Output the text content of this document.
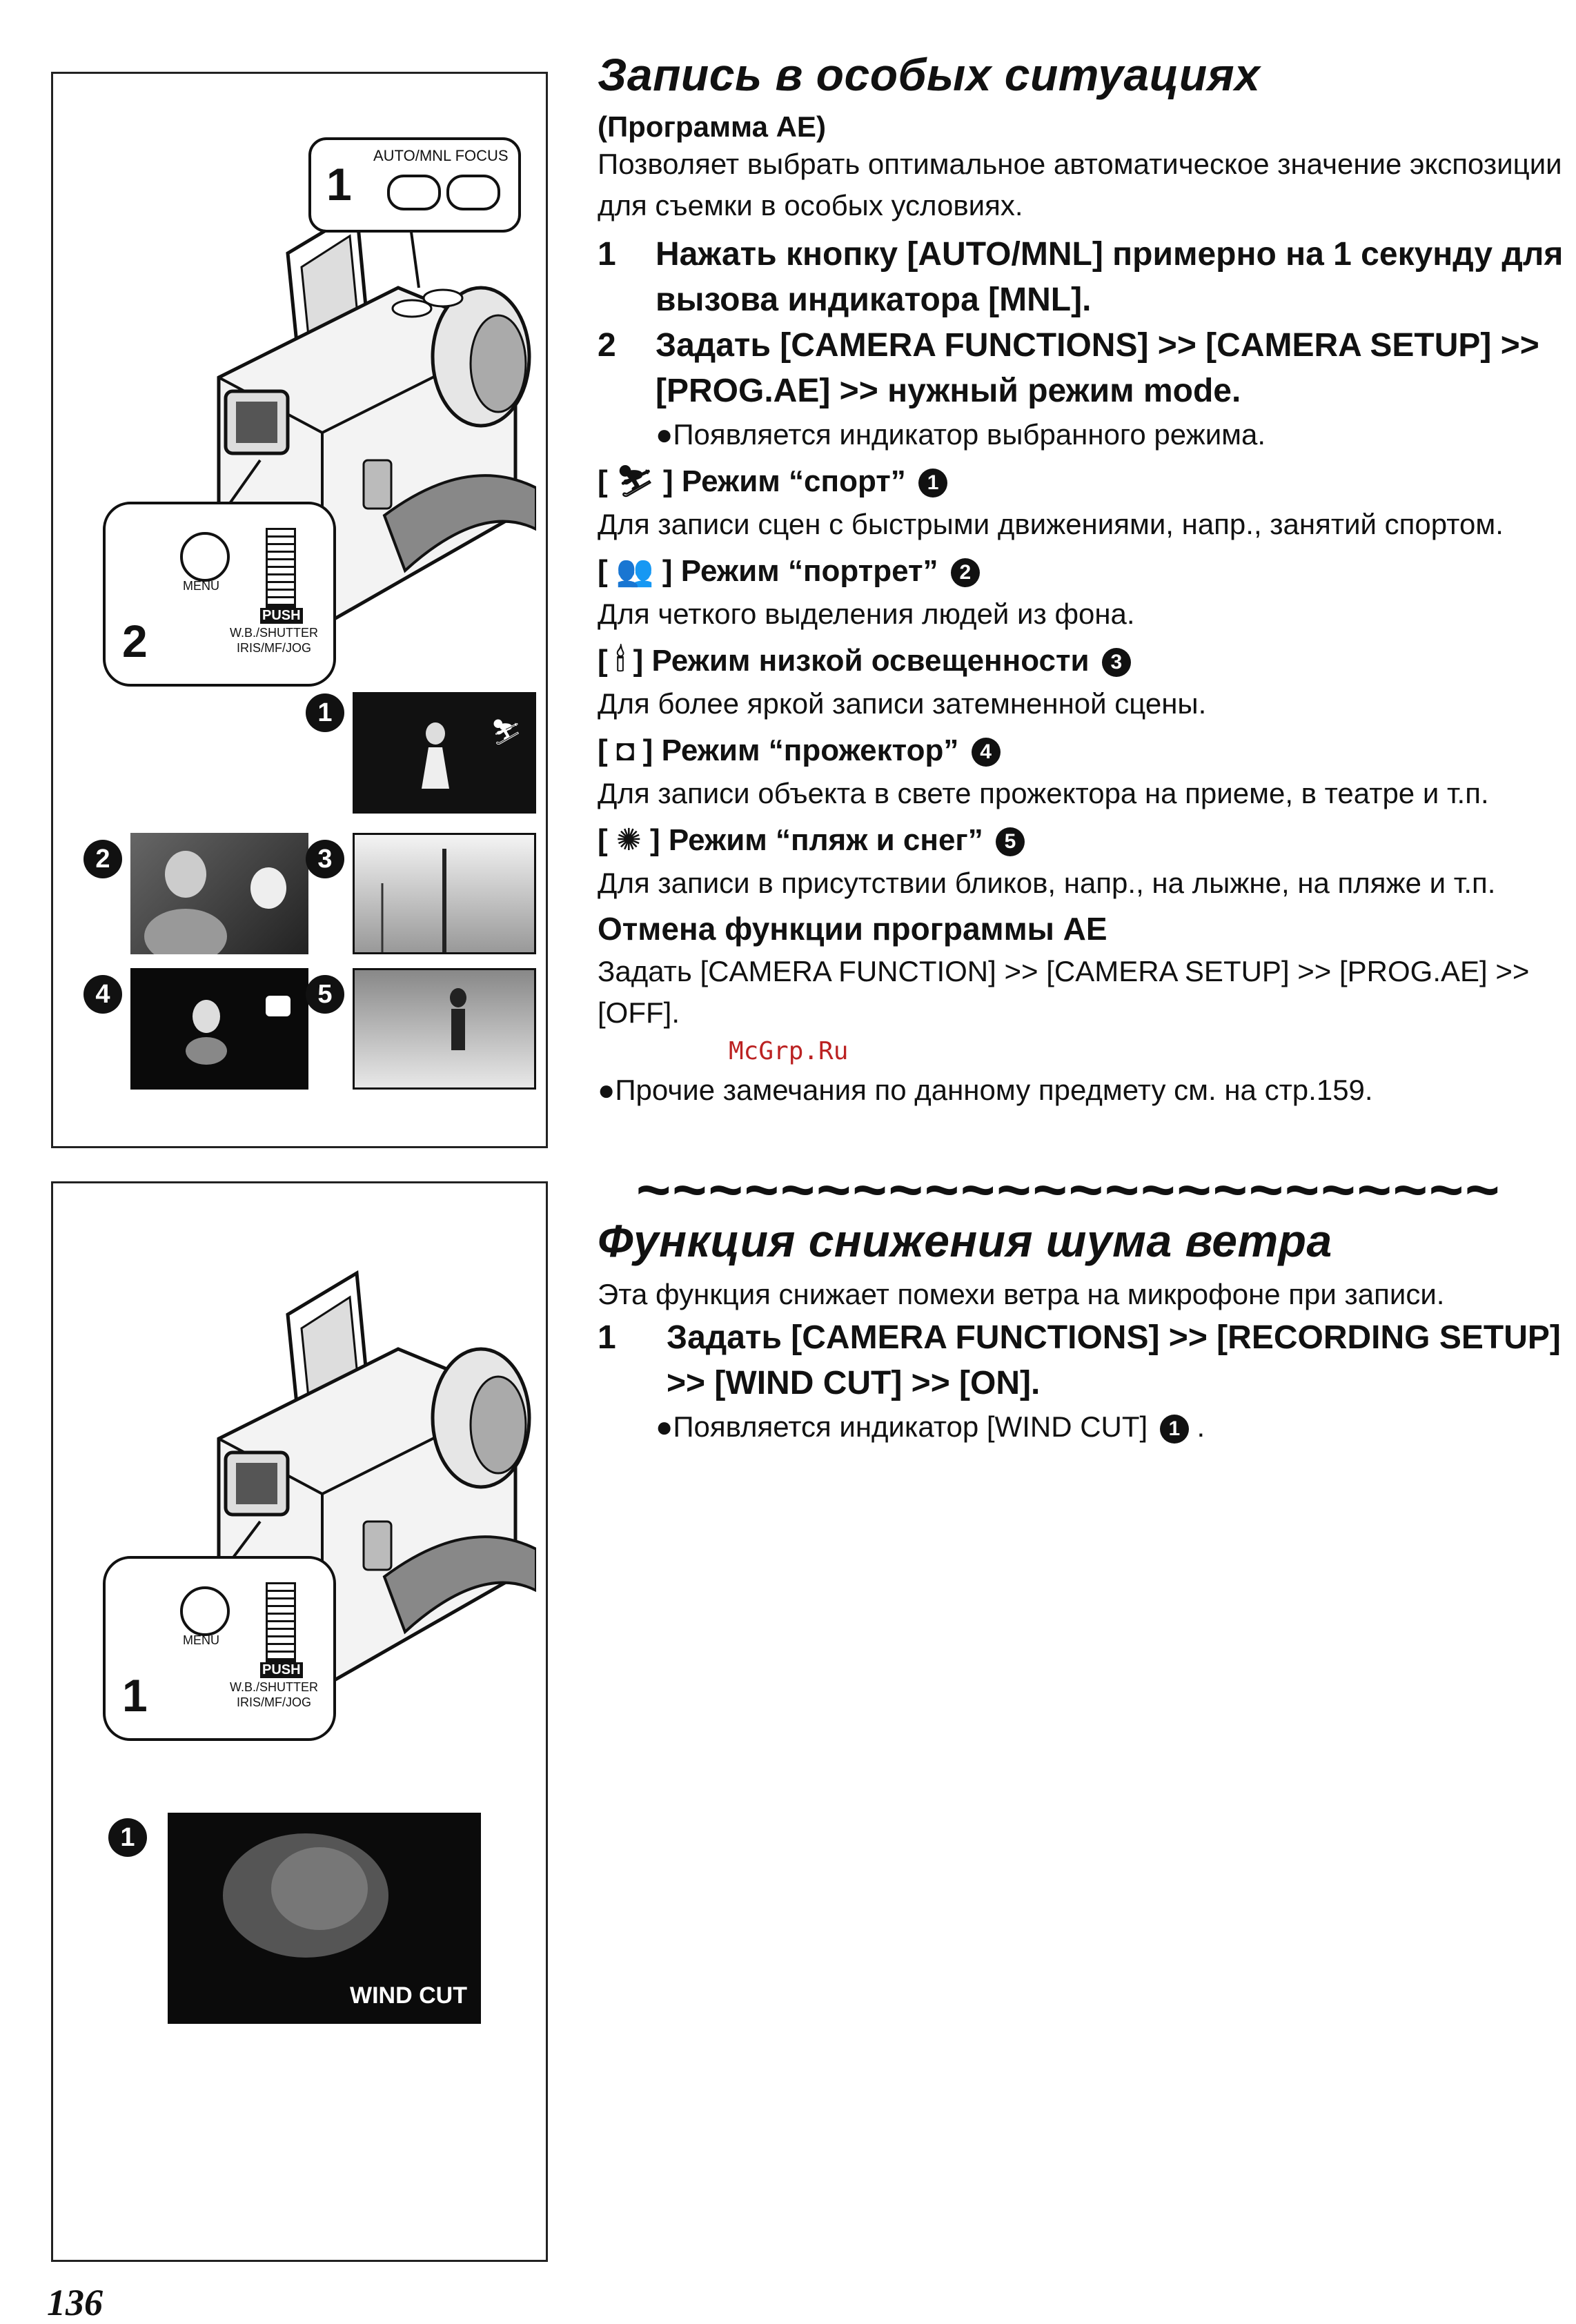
AUTO/MNL FOCUS
1
MENU
PUSH
W.B./SHUTTER
IRIS/MF/JOG
2
1
⛷
2	3
4	5
MENU
PUSH
W.B./SHUTTER
IRIS/MF/JOG
1
1
WIND CUT
Запись в особых ситуациях
(Программа AE)
Позволяет выбрать оптимальное автоматическое значение экспозиции для съемки в особых условиях.
1	Нажать кнопку [AUTO/MNL] примерно на 1 секунду для вызова индикатора [MNL].
2	Задать [CAMERA FUNCTIONS] >> [CAMERA SETUP] >> [PROG.AE] >> нужный режим mode.
●Появляется индикатор выбранного режима.
[ ⛷ ] Режим “спорт” 1
Для записи сцен с быстрыми движениями, напр., занятий спортом.
[ 👥 ] Режим “портрет” 2
Для четкого выделения людей из фона.
[ 🕯 ] Режим низкой освещенности 3
Для более яркой записи затемненной сцены.
[ ◘ ] Режим “прожектор” 4
Для записи объекта в свете прожектора на приеме, в театре и т.п.
[ ✺ ] Режим “пляж и снег” 5
Для записи в присутствии бликов, напр., на лыжне, на пляже и т.п.
Отмена функции программы AE
Задать [CAMERA FUNCTION] >> [CAMERA SETUP] >> [PROG.AE] >> [OFF].
McGrp.Ru
●Прочие замечания по данному предмету см. на стр.159.
~~~~~~~~~~~~~~~~~~~~~~~~
Функция снижения шума ветра
Эта функция снижает помехи ветра на микрофоне при записи.
1	Задать [CAMERA FUNCTIONS] >> [RECORDING SETUP] >> [WIND CUT] >> [ON].
●Появляется индикатор [WIND CUT] 1 .
136
